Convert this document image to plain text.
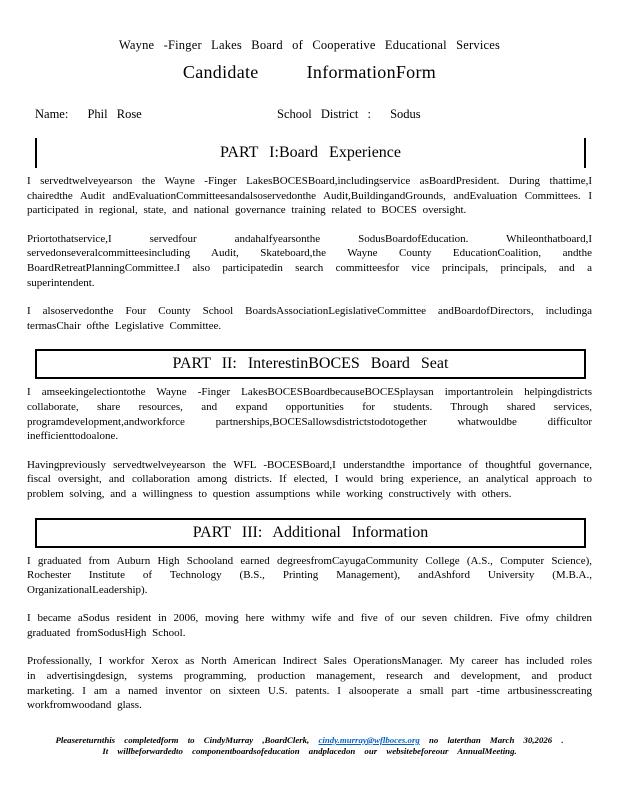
Wayne -Finger Lakes Board of Cooperative Educational Services
Candidate	InformationForm
Name: Phil Rose	School District : Sodus
PART I:Board Experience

I servedtwelveyearson the Wayne -Finger LakesBOCESBoard,includingservice asBoardPresident. During thattime,I chairedthe Audit andEvaluationCommitteesandalsoservedonthe Audit,BuildingandGrounds, andEvaluation Committees. I participated in regional, state, and national governance training related to BOCES oversight.

Priortothatservice,I servedfour andahalfyearsonthe SodusBoardofEducation. Whileonthatboard,I servedonseveralcommitteesincluding Audit, Skateboard,the Wayne County EducationCoalition, andthe BoardRetreatPlanningCommittee.I also participatedin search committeesfor vice principals, principals, and a superintendent.

I alsoservedonthe Four County School BoardsAssociationLegislativeCommittee andBoardofDirectors, includinga termasChair ofthe Legislative Committee.

PART II: InterestinBOCES Board Seat

I amseekingelectiontothe Wayne -Finger LakesBOCESBoardbecauseBOCESplaysan importantrolein helpingdistricts collaborate, share resources, and expand opportunities for students. Through shared services, programdevelopment,andworkforce partnerships,BOCESallowsdistrictstodotogether whatwouldbe difficultor inefficienttodoalone.

Havingpreviously servedtwelveyearson the WFL -BOCESBoard,I understandthe importance of thoughtful governance, fiscal oversight, and collaboration among districts. If elected, I would bring experience, an analytical approach to problem solving, and a willingness to question assumptions while working constructively with others.

PART III: Additional Information

I graduated from Auburn High Schooland earned degreesfromCayugaCommunity College (A.S., Computer Science), Rochester Institute of Technology (B.S., Printing Management), andAshford University (M.B.A., OrganizationalLeadership).

I became aSodus resident in 2006, moving here withmy wife and five of our seven children. Five ofmy children graduated fromSodusHigh School.

Professionally, I workfor Xerox as North American Indirect Sales OperationsManager. My career has included roles in advertisingdesign, systems programming, production management, research and development, and product marketing. I am a named inventor on sixteen U.S. patents. I alsooperate a small part -time artbusinesscreating workfromwoodand glass.

Pleasereturnthis completedform to CindyMurray ,BoardClerk, cindy.murray@wflboces.org no laterthan March 30,2026 .
It willbeforwardedto componentboardsofeducation andplacedon our websitebeforeour AnnualMeeting.
